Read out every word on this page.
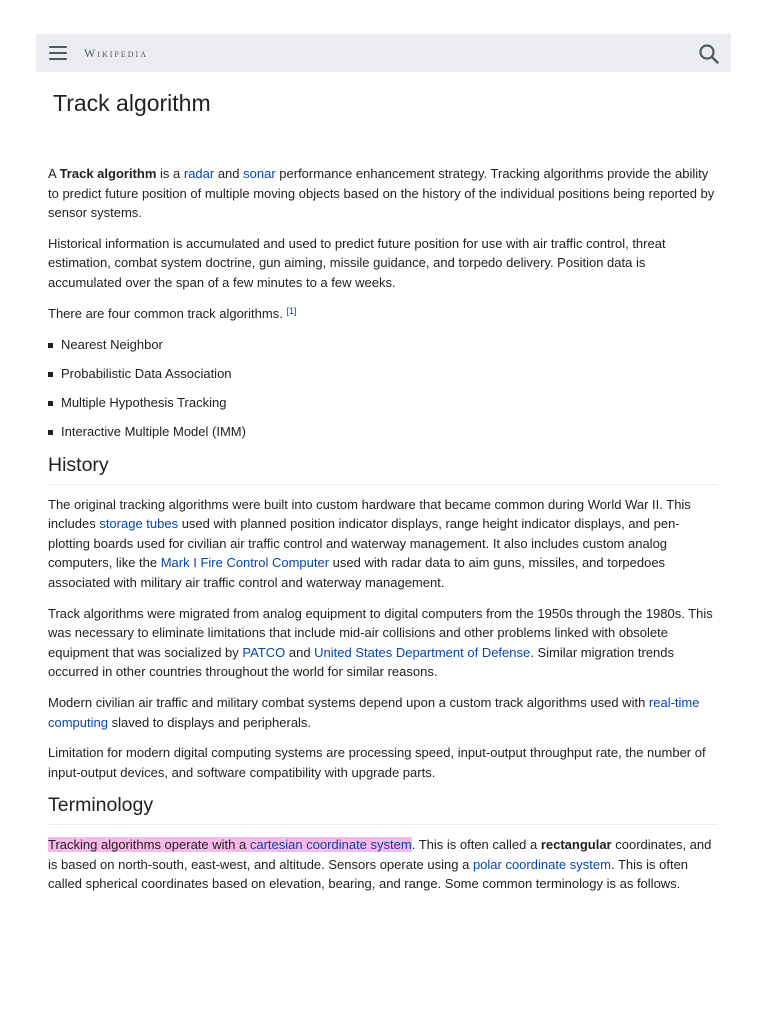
Wikipedia
Track algorithm

A Track algorithm is a radar and sonar performance enhancement strategy. Tracking algorithms provide the ability to predict future position of multiple moving objects based on the history of the individual positions being reported by sensor systems.

Historical information is accumulated and used to predict future position for use with air traffic control, threat estimation, combat system doctrine, gun aiming, missile guidance, and torpedo delivery. Position data is accumulated over the span of a few minutes to a few weeks.

There are four common track algorithms. [1]

Nearest Neighbor
Probabilistic Data Association
Multiple Hypothesis Tracking
Interactive Multiple Model (IMM)
History

The original tracking algorithms were built into custom hardware that became common during World War II. This includes storage tubes used with planned position indicator displays, range height indicator displays, and pen-plotting boards used for civilian air traffic control and waterway management. It also includes custom analog computers, like the Mark I Fire Control Computer used with radar data to aim guns, missiles, and torpedoes associated with military air traffic control and waterway management.

Track algorithms were migrated from analog equipment to digital computers from the 1950s through the 1980s. This was necessary to eliminate limitations that include mid-air collisions and other problems linked with obsolete equipment that was socialized by PATCO and United States Department of Defense. Similar migration trends occurred in other countries throughout the world for similar reasons.

Modern civilian air traffic and military combat systems depend upon a custom track algorithms used with real-time computing slaved to displays and peripherals.

Limitation for modern digital computing systems are processing speed, input-output throughput rate, the number of input-output devices, and software compatibility with upgrade parts.

Terminology

Tracking algorithms operate with a cartesian coordinate system. This is often called a rectangular coordinates, and is based on north-south, east-west, and altitude. Sensors operate using a polar coordinate system. This is often called spherical coordinates based on elevation, bearing, and range. Some common terminology is as follows.
